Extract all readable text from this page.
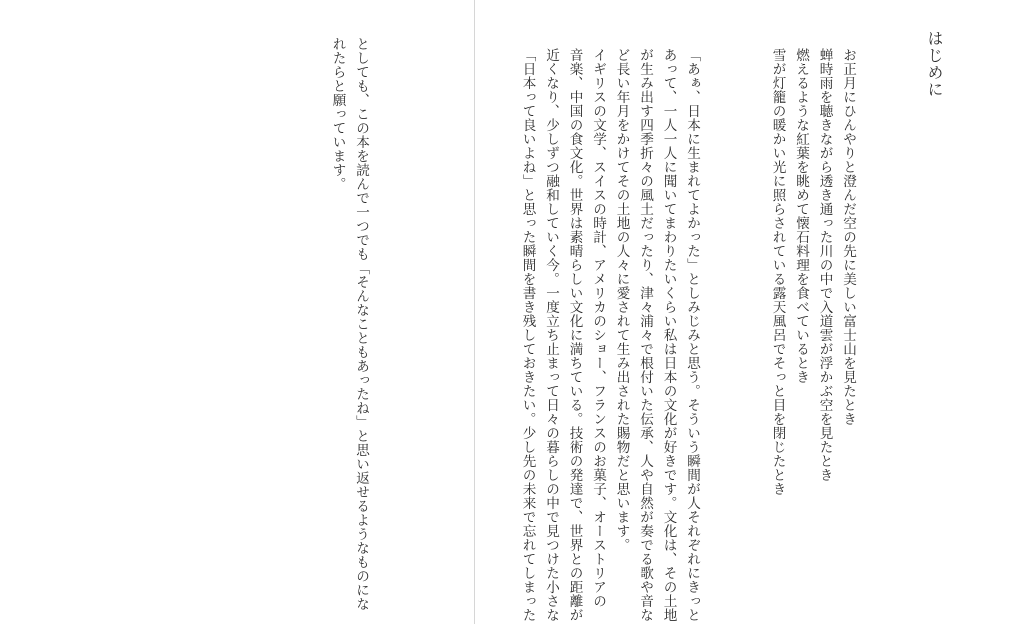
としても、この本を読んで一つでも「そんなこともあったね」と思い返せるようなものにな
れたらと願っています。	はじめに
お正月にひんやりと澄んだ空の先に美しい富士山を見たとき
蝉時雨を聴きながら透き通った川の中で入道雲が浮かぶ空を見たとき
燃えるような紅葉を眺めて懐石料理を食べているとき
雪が灯籠の暖かい光に照らされている露天風呂でそっと目を閉じたとき
「あぁ、日本に生まれてよかった」としみじみと思う。そういう瞬間が人それぞれにきっと
あって、一人一人に聞いてまわりたいくらい私は日本の文化が好きです。文化は、その土地
が生み出す四季折々の風土だったり、津々浦々で根付いた伝承、人や自然が奏でる歌や音な
ど長い年月をかけてその土地の人々に愛されて生み出された賜物だと思います。
イギリスの文学、スイスの時計、アメリカのショー、フランスのお菓子、オーストリアの
音楽、中国の食文化。世界は素晴らしい文化に満ちている。技術の発達で、世界との距離が
近くなり、少しずつ融和していく今。一度立ち止まって日々の暮らしの中で見つけた小さな
「日本って良いよね」と思った瞬間を書き残しておきたい。少し先の未来で忘れてしまった
